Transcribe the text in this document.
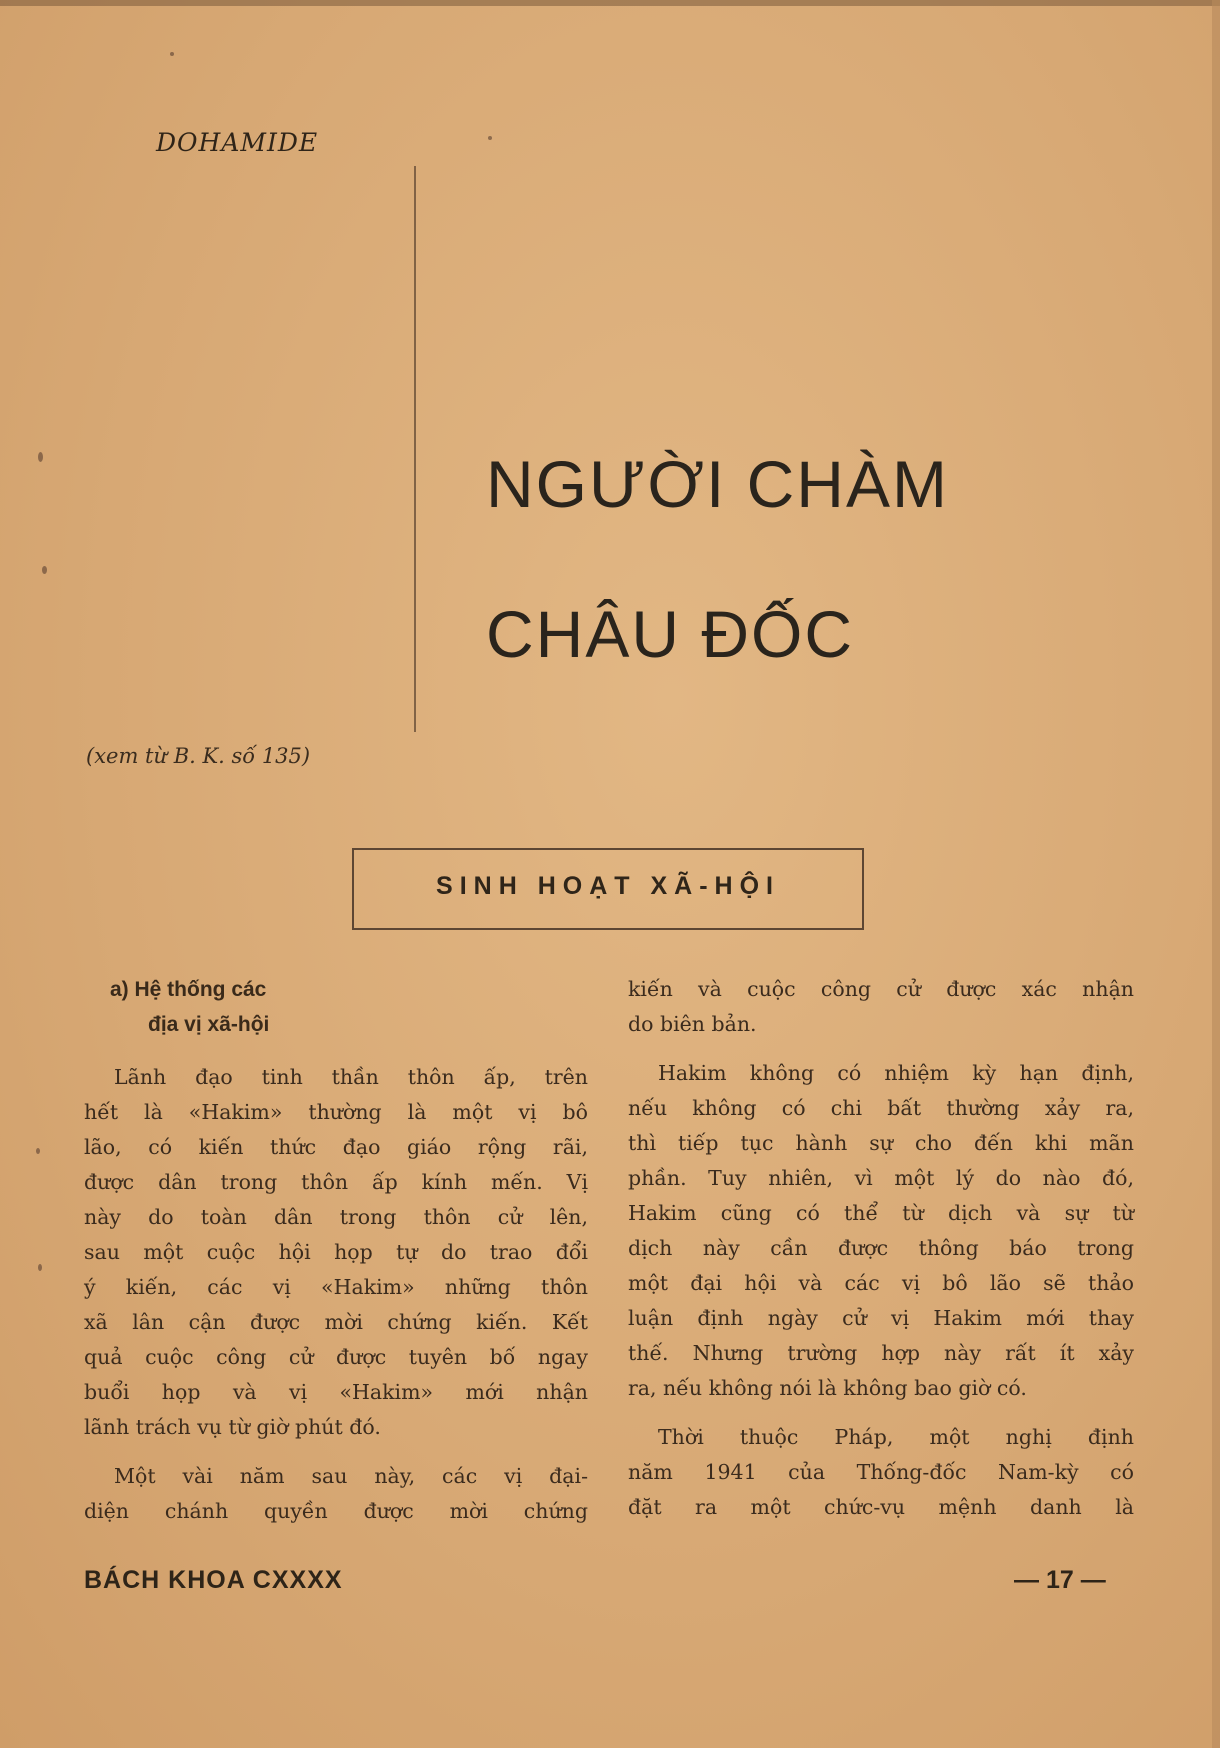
DOHAMIDE
NGƯỜI CHÀM
CHÂU ĐỐC
(xem từ B. K. số 135)
SINH HOẠT XÃ-HỘI
a) Hệ thống các
địa vị xã-hội
Lãnh đạo tinh thần thôn ấp, trên
hết là «Hakim» thường là một vị bô
lão, có kiến thức đạo giáo rộng rãi,
được dân trong thôn ấp kính mến. Vị
này do toàn dân trong thôn cử lên,
sau một cuộc hội họp tự do trao đổi
ý kiến, các vị «Hakim» những thôn
xã lân cận được mời chứng kiến. Kết
quả cuộc công cử được tuyên bố ngay
buổi họp và vị «Hakim» mới nhận
lãnh trách vụ từ giờ phút đó.
Một vài năm sau này, các vị đại-
diện chánh quyền được mời chứng
kiến và cuộc công cử được xác nhận
do biên bản.
Hakim không có nhiệm kỳ hạn định,
nếu không có chi bất thường xảy ra,
thì tiếp tục hành sự cho đến khi mãn
phần. Tuy nhiên, vì một lý do nào đó,
Hakim cũng có thể từ dịch và sự từ
dịch này cần được thông báo trong
một đại hội và các vị bô lão sẽ thảo
luận định ngày cử vị Hakim mới thay
thế. Nhưng trường hợp này rất ít xảy
ra, nếu không nói là không bao giờ có.
Thời thuộc Pháp, một nghị định
năm 1941 của Thống-đốc Nam-kỳ có
đặt ra một chức-vụ mệnh danh là
BÁCH KHOA CXXXX	— 17 —
